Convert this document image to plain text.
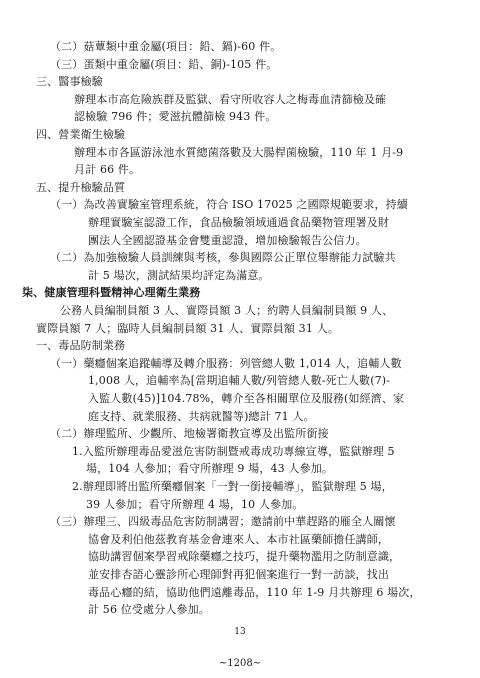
（二）菇蕈類中重金屬(項目：鉛、鎘)-60 件。
（三）蛋類中重金屬(項目：鉛、銅)-105 件。
三、醫事檢驗
辦理本市高危險族群及監獄、看守所收容人之梅毒血清篩檢及確
認檢驗 796 件；愛滋抗體篩檢 943 件。
四、營業衛生檢驗
辦理本市各區游泳池水質總菌落數及大腸桿菌檢驗，110 年 1 月-9
月計 66 件。
五、提升檢驗品質
（一）為改善實驗室管理系統，符合 ISO 17025 之國際規範要求，持續
辦理實驗室認證工作，食品檢驗領域通過食品藥物管理署及財
團法人全國認證基金會雙重認證，增加檢驗報告公信力。
（二）為加強檢驗人員訓練與考核，參與國際公正單位舉辦能力試驗共
計 5 場次，測試結果均評定為滿意。
柒、健康管理科暨精神心理衛生業務
公務人員編制員額 3 人、實際員額 3 人；約聘人員編制員額 9 人、
實際員額 7 人；臨時人員編制員額 31 人、實際員額 31 人。
一、毒品防制業務
（一）藥癮個案追蹤輔導及轉介服務：列管總人數 1,014 人，追輔人數
1,008 人，追輔率為[當期追輔人數/列管總人數-死亡人數(7)-
入監人數(45)]104.78%，轉介至各相關單位及服務(如經濟、家
庭支持、就業服務、共病就醫等)總計 71 人。
（二）辦理監所、少觀所、地檢署衛教宣導及出監所銜接
1.入監所辦理毒品愛滋危害防制暨戒毒成功專線宣導，監獄辦理 5
場，104 人參加；看守所辦理 9 場，43 人參加。
2.辦理即將出監所藥癮個案「一對一銜接輔導」，監獄辦理 5 場，
39 人參加；看守所辦理 4 場，10 人參加。
（三）辦理三、四級毒品危害防制講習；邀請前中華趕路的雁全人關懷
協會及利伯他茲教育基金會連來人、本市社區藥師擔任講師，
協助講習個案學習戒除藥癮之技巧，提升藥物濫用之防制意識，
並安排杏語心靈診所心理師對再犯個案進行一對一訪談，找出
毒品心癮的結，協助他們遠離毒品，110 年 1-9 月共辦理 6 場次，
計 56 位受處分人參加。
13
~1208~
